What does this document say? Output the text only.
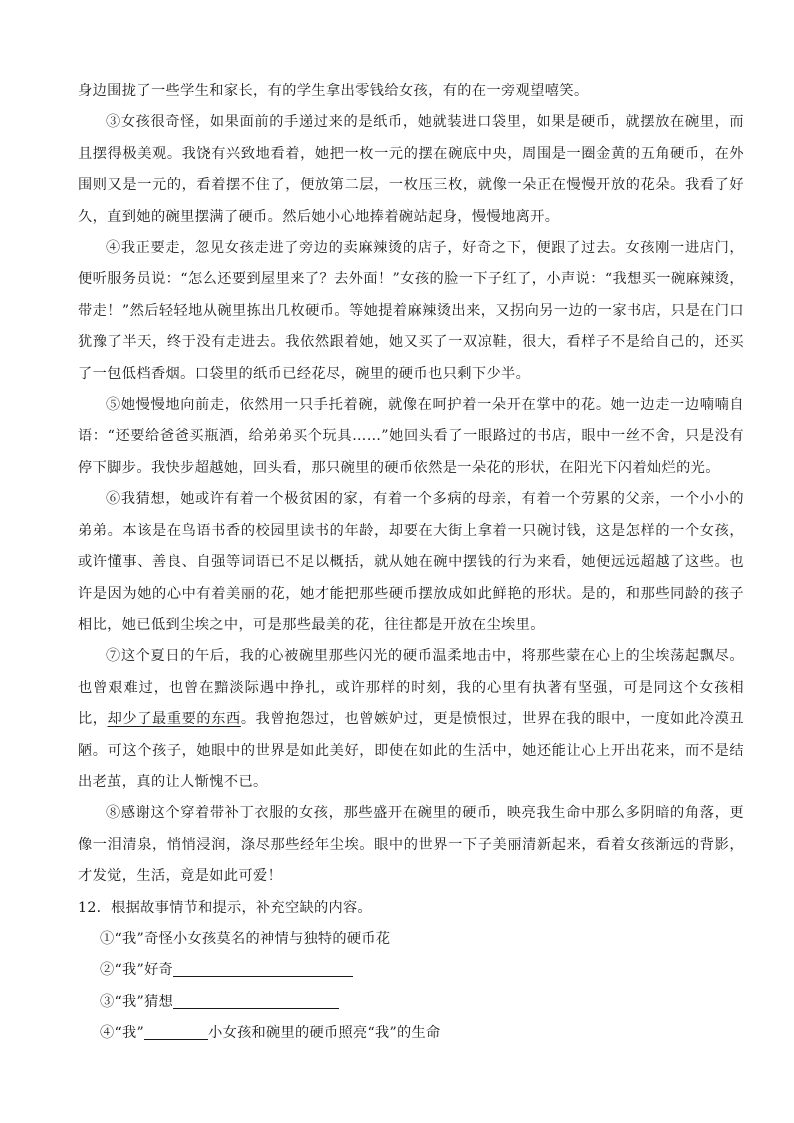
身边围拢了一些学生和家长，有的学生拿出零钱给女孩，有的在一旁观望嘻笑。

③女孩很奇怪，如果面前的手递过来的是纸币，她就装进口袋里，如果是硬币，就摆放在碗里，而且摆得极美观。我饶有兴致地看着，她把一枚一元的摆在碗底中央，周围是一圈金黄的五角硬币，在外围则又是一元的，看着摆不住了，便放第二层，一枚压三枚，就像一朵正在慢慢开放的花朵。我看了好久，直到她的碗里摆满了硬币。然后她小心地捧着碗站起身，慢慢地离开。

④我正要走，忽见女孩走进了旁边的卖麻辣烫的店子，好奇之下，便跟了过去。女孩刚一进店门，便听服务员说：“怎么还要到屋里来了？去外面！”女孩的脸一下子红了，小声说：“我想买一碗麻辣烫，带走！”然后轻轻地从碗里拣出几枚硬币。等她提着麻辣烫出来，又拐向另一边的一家书店，只是在门口犹豫了半天，终于没有走进去。我依然跟着她，她又买了一双凉鞋，很大，看样子不是给自己的，还买了一包低档香烟。口袋里的纸币已经花尽，碗里的硬币也只剩下少半。

⑤她慢慢地向前走，依然用一只手托着碗，就像在呵护着一朵开在掌中的花。她一边走一边喃喃自语：“还要给爸爸买瓶酒，给弟弟买个玩具……”她回头看了一眼路过的书店，眼中一丝不舍，只是没有停下脚步。我快步超越她，回头看，那只碗里的硬币依然是一朵花的形状，在阳光下闪着灿烂的光。

⑥我猜想，她或许有着一个极贫困的家，有着一个多病的母亲，有着一个劳累的父亲，一个小小的弟弟。本该是在鸟语书香的校园里读书的年龄，却要在大街上拿着一只碗讨钱，这是怎样的一个女孩，或许懂事、善良、自强等词语已不足以概括，就从她在碗中摆钱的行为来看，她便远远超越了这些。也许是因为她的心中有着美丽的花，她才能把那些硬币摆放成如此鲜艳的形状。是的，和那些同龄的孩子相比，她已低到尘埃之中，可是那些最美的花，往往都是开放在尘埃里。

⑦这个夏日的午后，我的心被碗里那些闪光的硬币温柔地击中，将那些蒙在心上的尘埃荡起飘尽。也曾艰难过，也曾在黯淡际遇中挣扎，或许那样的时刻，我的心里有执著有坚强，可是同这个女孩相比，却少了最重要的东西。我曾抱怨过，也曾嫉妒过，更是愤恨过，世界在我的眼中，一度如此冷漠丑陋。可这个孩子，她眼中的世界是如此美好，即使在如此的生活中，她还能让心上开出花来，而不是结出老茧，真的让人惭愧不已。

⑧感谢这个穿着带补丁衣服的女孩，那些盛开在碗里的硬币，映亮我生命中那么多阴暗的角落，更像一泪清泉，悄悄浸润，涤尽那些经年尘埃。眼中的世界一下子美丽清新起来，看着女孩渐远的背影，才发觉，生活，竟是如此可爱！

12．根据故事情节和提示，补充空缺的内容。

①“我”奇怪小女孩莫名的神情与独特的硬币花

②“我”好奇

③“我”猜想

④“我”	小女孩和碗里的硬币照亮“我”的生命
